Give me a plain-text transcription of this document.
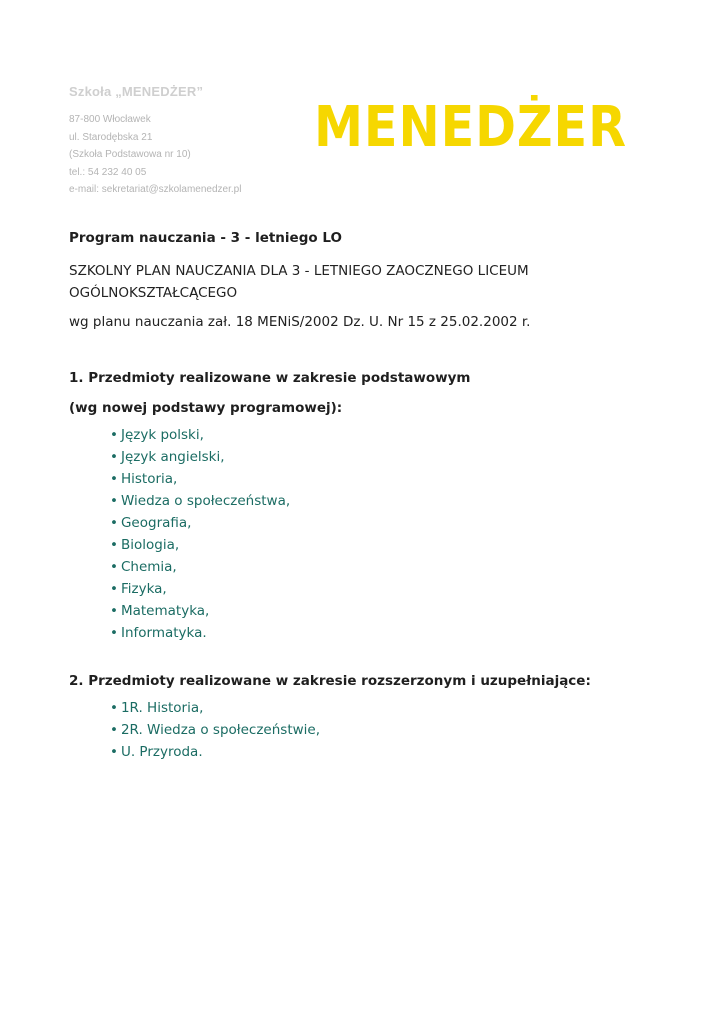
Szkoła „MENEDŻER”
87-800 Włocławek
ul. Starodębska 21
(Szkoła Podstawowa nr 10)
tel.: 54 232 40 05
e-mail: sekretariat@szkolamenedzer.pl
MENEDŻER

Program nauczania - 3 - letniego LO

SZKOLNY PLAN NAUCZANIA DLA 3 - LETNIEGO ZAOCZNEGO LICEUM
OGÓLNOKSZTAŁCĄCEGO
wg planu nauczania zał. 18 MENiS/2002 Dz. U. Nr 15 z 25.02.2002 r.
1. Przedmioty realizowane w zakresie podstawowym
(wg nowej podstawy programowej):
• Język polski,
• Język angielski,
• Historia,
• Wiedza o społeczeństwa,
• Geografia,
• Biologia,
• Chemia,
• Fizyka,
• Matematyka,
• Informatyka.
2. Przedmioty realizowane w zakresie rozszerzonym i uzupełniające:
• 1R. Historia,
• 2R. Wiedza o społeczeństwie,
• U. Przyroda.
